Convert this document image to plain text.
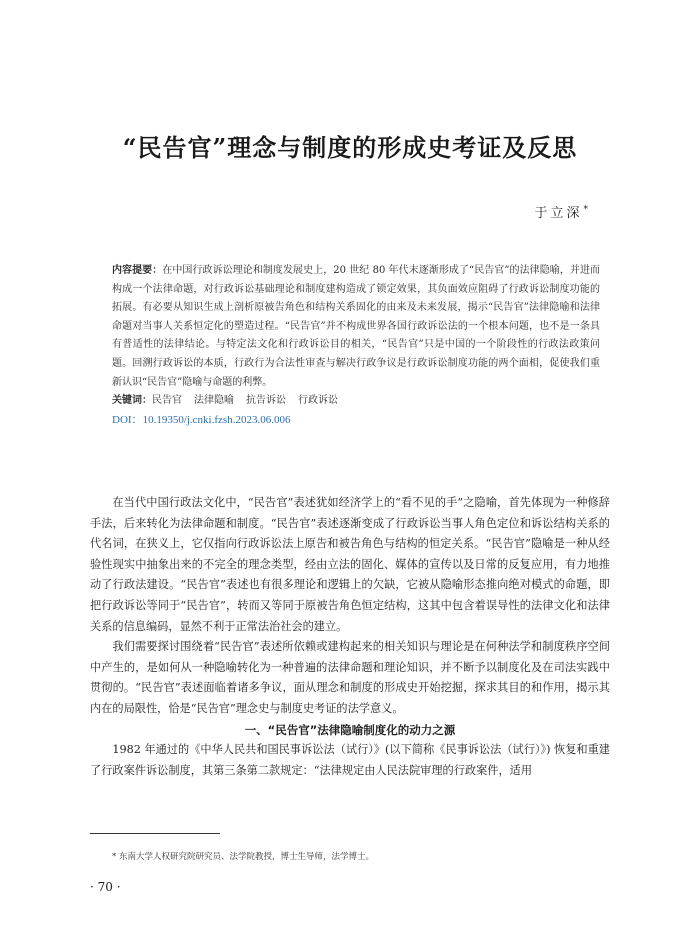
“民告官”理念与制度的形成史考证及反思
于立深*
内容提要：在中国行政诉讼理论和制度发展史上，20 世纪 80 年代末逐渐形成了“民告官”的法律隐喻，并进而构成一个法律命题，对行政诉讼基础理论和制度建构造成了锁定效果，其负面效应阻碍了行政诉讼制度功能的拓展。有必要从知识生成上剖析原被告角色和结构关系固化的由来及未来发展，揭示“民告官”法律隐喻和法律命题对当事人关系恒定化的塑造过程。“民告官”并不构成世界各国行政诉讼法的一个根本问题，也不是一条具有普适性的法律结论。与特定法文化和行政诉讼目的相关，“民告官”只是中国的一个阶段性的行政法政策问题。回溯行政诉讼的本质，行政行为合法性审查与解决行政争议是行政诉讼制度功能的两个面相，促使我们重新认识“民告官”隐喻与命题的利弊。
关键词：民告官 法律隐喻 抗告诉讼 行政诉讼
DOI：10.19350/j.cnki.fzsh.2023.06.006

在当代中国行政法文化中，“民告官”表述犹如经济学上的“看不见的手”之隐喻，首先体现为一种修辞手法，后来转化为法律命题和制度。“民告官”表述逐渐变成了行政诉讼当事人角色定位和诉讼结构关系的代名词，在狭义上，它仅指向行政诉讼法上原告和被告角色与结构的恒定关系。“民告官”隐喻是一种从经验性现实中抽象出来的不完全的理念类型，经由立法的固化、媒体的宣传以及日常的反复应用，有力地推动了行政法建设。“民告官”表述也有很多理论和逻辑上的欠缺，它被从隐喻形态推向绝对模式的命题，即把行政诉讼等同于“民告官”，转而又等同于原被告角色恒定结构，这其中包含着误导性的法律文化和法律关系的信息编码，显然不利于正常法治社会的建立。

我们需要探讨围绕着“民告官”表述所依赖或建构起来的相关知识与理论是在何种法学和制度秩序空间中产生的，是如何从一种隐喻转化为一种普遍的法律命题和理论知识，并不断予以制度化及在司法实践中贯彻的。“民告官”表述面临着诸多争议，面从理念和制度的形成史开始挖掘，探求其目的和作用，揭示其内在的局限性，恰是“民告官”理念史与制度史考证的法学意义。

一、“民告官”法律隐喻制度化的动力之源

1982 年通过的《中华人民共和国民事诉讼法（试行）》(以下简称《民事诉讼法（试行）》) 恢复和重建了行政案件诉讼制度，其第三条第二款规定：“法律规定由人民法院审理的行政案件，适用

* 东南大学人权研究院研究员、法学院教授，博士生导师，法学博士。
· 70 ·
